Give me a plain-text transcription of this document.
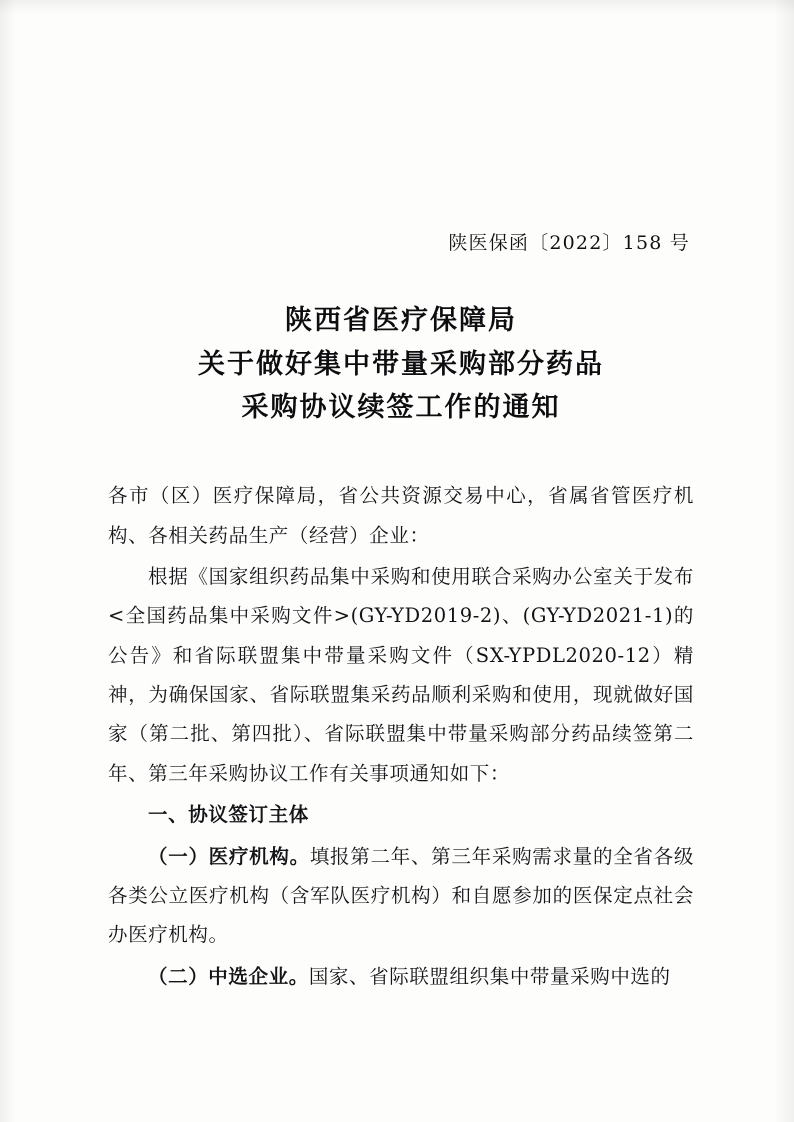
陕医保函〔2022〕158 号
陕西省医疗保障局
关于做好集中带量采购部分药品
采购协议续签工作的通知

各市（区）医疗保障局，省公共资源交易中心，省属省管医疗机构、各相关药品生产（经营）企业：

根据《国家组织药品集中采购和使用联合采购办公室关于发布<全国药品集中采购文件>(GY-YD2019-2)、(GY-YD2021-1)的公告》和省际联盟集中带量采购文件（SX-YPDL2020-12）精神，为确保国家、省际联盟集采药品顺利采购和使用，现就做好国家（第二批、第四批）、省际联盟集中带量采购部分药品续签第二年、第三年采购协议工作有关事项通知如下：

一、协议签订主体

（一）医疗机构。填报第二年、第三年采购需求量的全省各级各类公立医疗机构（含军队医疗机构）和自愿参加的医保定点社会办医疗机构。

（二）中选企业。国家、省际联盟组织集中带量采购中选的
